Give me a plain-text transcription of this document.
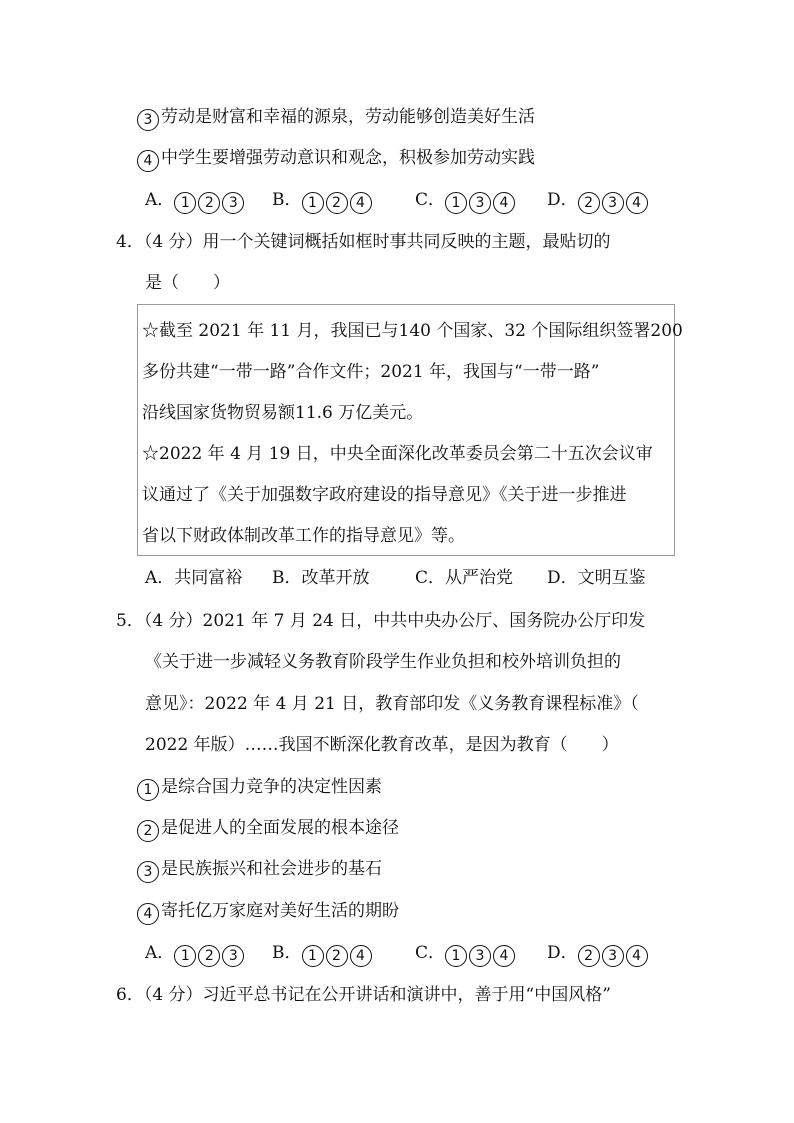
3 劳动是财富和幸福的源泉，劳动能够创造美好生活
4 中学生要增强劳动意识和观念，积极参加劳动实践
A． 1 2 3	B． 1 2 4	C． 1 3 4	D． 2 3 4
4．（4 分）用一个关键词概括如框时事共同反映的主题，最贴切的
是（　　）
☆截至 2021 年 11 月，我国已与140 个国家、32 个国际组织签署200
多份共建“一带一路”合作文件；2021 年，我国与“一带一路”
沿线国家货物贸易额11.6 万亿美元。
☆2022 年 4 月 19 日，中央全面深化改革委员会第二十五次会议审
议通过了《关于加强数字政府建设的指导意见》《关于进一步推进
省以下财政体制改革工作的指导意见》等。
A．共同富裕 B．改革开放	C．从严治党 D．文明互鉴
5．（4 分）2021 年 7 月 24 日，中共中央办公厅、国务院办公厅印发
《关于进一步减轻义务教育阶段学生作业负担和校外培训负担的
意见》：2022 年 4 月 21 日，教育部印发《义务教育课程标准》（
2022 年版）……我国不断深化教育改革，是因为教育（　　）
1 是综合国力竞争的决定性因素
2 是促进人的全面发展的根本途径
3 是民族振兴和社会进步的基石
4 寄托亿万家庭对美好生活的期盼
A． 1 2 3	B． 1 2 4	C． 1 3 4	D． 2 3 4
6．（4 分）习近平总书记在公开讲话和演讲中，善于用“中国风格”
